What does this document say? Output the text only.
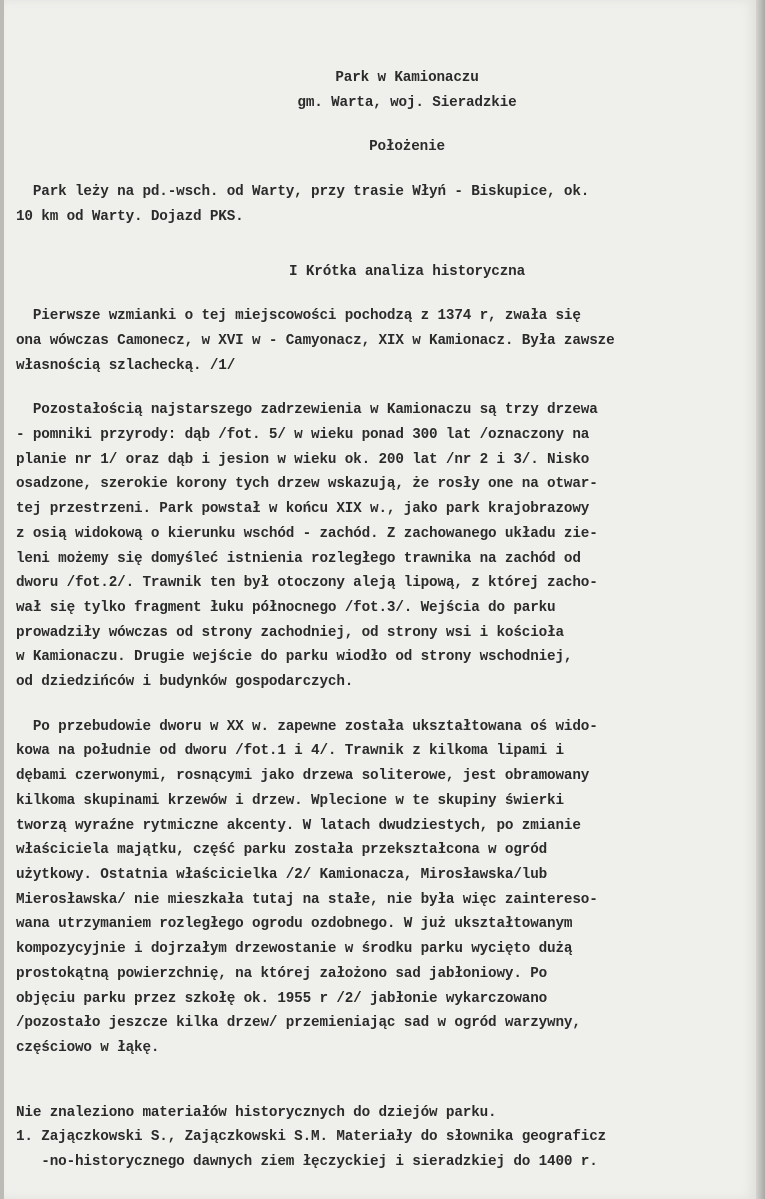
Park w Kamionaczu

gm. Warta, woj. Sieradzkie

Położenie

Park leży na pd.-wsch. od Warty, przy trasie Włyń - Biskupice, ok.

10 km od Warty. Dojazd PKS.

I Krótka analiza historyczna

Pierwsze wzmianki o tej miejscowości pochodzą z 1374 r, zwała się

ona wówczas Camonecz, w XVI w - Camyonacz, XIX w Kamionacz. Była zawsze

własnością szlachecką. /1/

Pozostałością najstarszego zadrzewienia w Kamionaczu są trzy drzewa

- pomniki przyrody: dąb /fot. 5/ w wieku ponad 300 lat /oznaczony na

planie nr 1/ oraz dąb i jesion w wieku ok. 200 lat /nr 2 i 3/. Nisko

osadzone, szerokie korony tych drzew wskazują, że rosły one na otwar-

tej przestrzeni. Park powstał w końcu XIX w., jako park krajobrazowy

z osią widokową o kierunku wschód - zachód. Z zachowanego układu zie-

leni możemy się domyśleć istnienia rozległego trawnika na zachód od

dworu /fot.2/. Trawnik ten był otoczony aleją lipową, z której zacho-

wał się tylko fragment łuku północnego /fot.3/. Wejścia do parku

prowadziły wówczas od strony zachodniej, od strony wsi i kościoła

w Kamionaczu. Drugie wejście do parku wiodło od strony wschodniej,

od dziedzińców i budynków gospodarczych.

Po przebudowie dworu w XX w. zapewne została ukształtowana oś wido-

kowa na południe od dworu /fot.1 i 4/. Trawnik z kilkoma lipami i

dębami czerwonymi, rosnącymi jako drzewa soliterowe, jest obramowany

kilkoma skupinami krzewów i drzew. Wplecione w te skupiny świerki

tworzą wyraźne rytmiczne akcenty. W latach dwudziestych, po zmianie

właściciela majątku, część parku została przekształcona w ogród

użytkowy. Ostatnia właścicielka /2/ Kamionacza, Mirosławska/lub

Mierosławska/ nie mieszkała tutaj na stałe, nie była więc zaintereso-

wana utrzymaniem rozległego ogrodu ozdobnego. W już ukształtowanym

kompozycyjnie i dojrzałym drzewostanie w środku parku wycięto dużą

prostokątną powierzchnię, na której założono sad jabłoniowy. Po

objęciu parku przez szkołę ok. 1955 r /2/ jabłonie wykarczowano

/pozostało jeszcze kilka drzew/ przemieniając sad w ogród warzywny,

częściowo w łąkę.

Nie znaleziono materiałów historycznych do dziejów parku.

1. Zajączkowski S., Zajączkowski S.M. Materiały do słownika geograficz

-no-historycznego dawnych ziem łęczyckiej i sieradzkiej do 1400 r.
